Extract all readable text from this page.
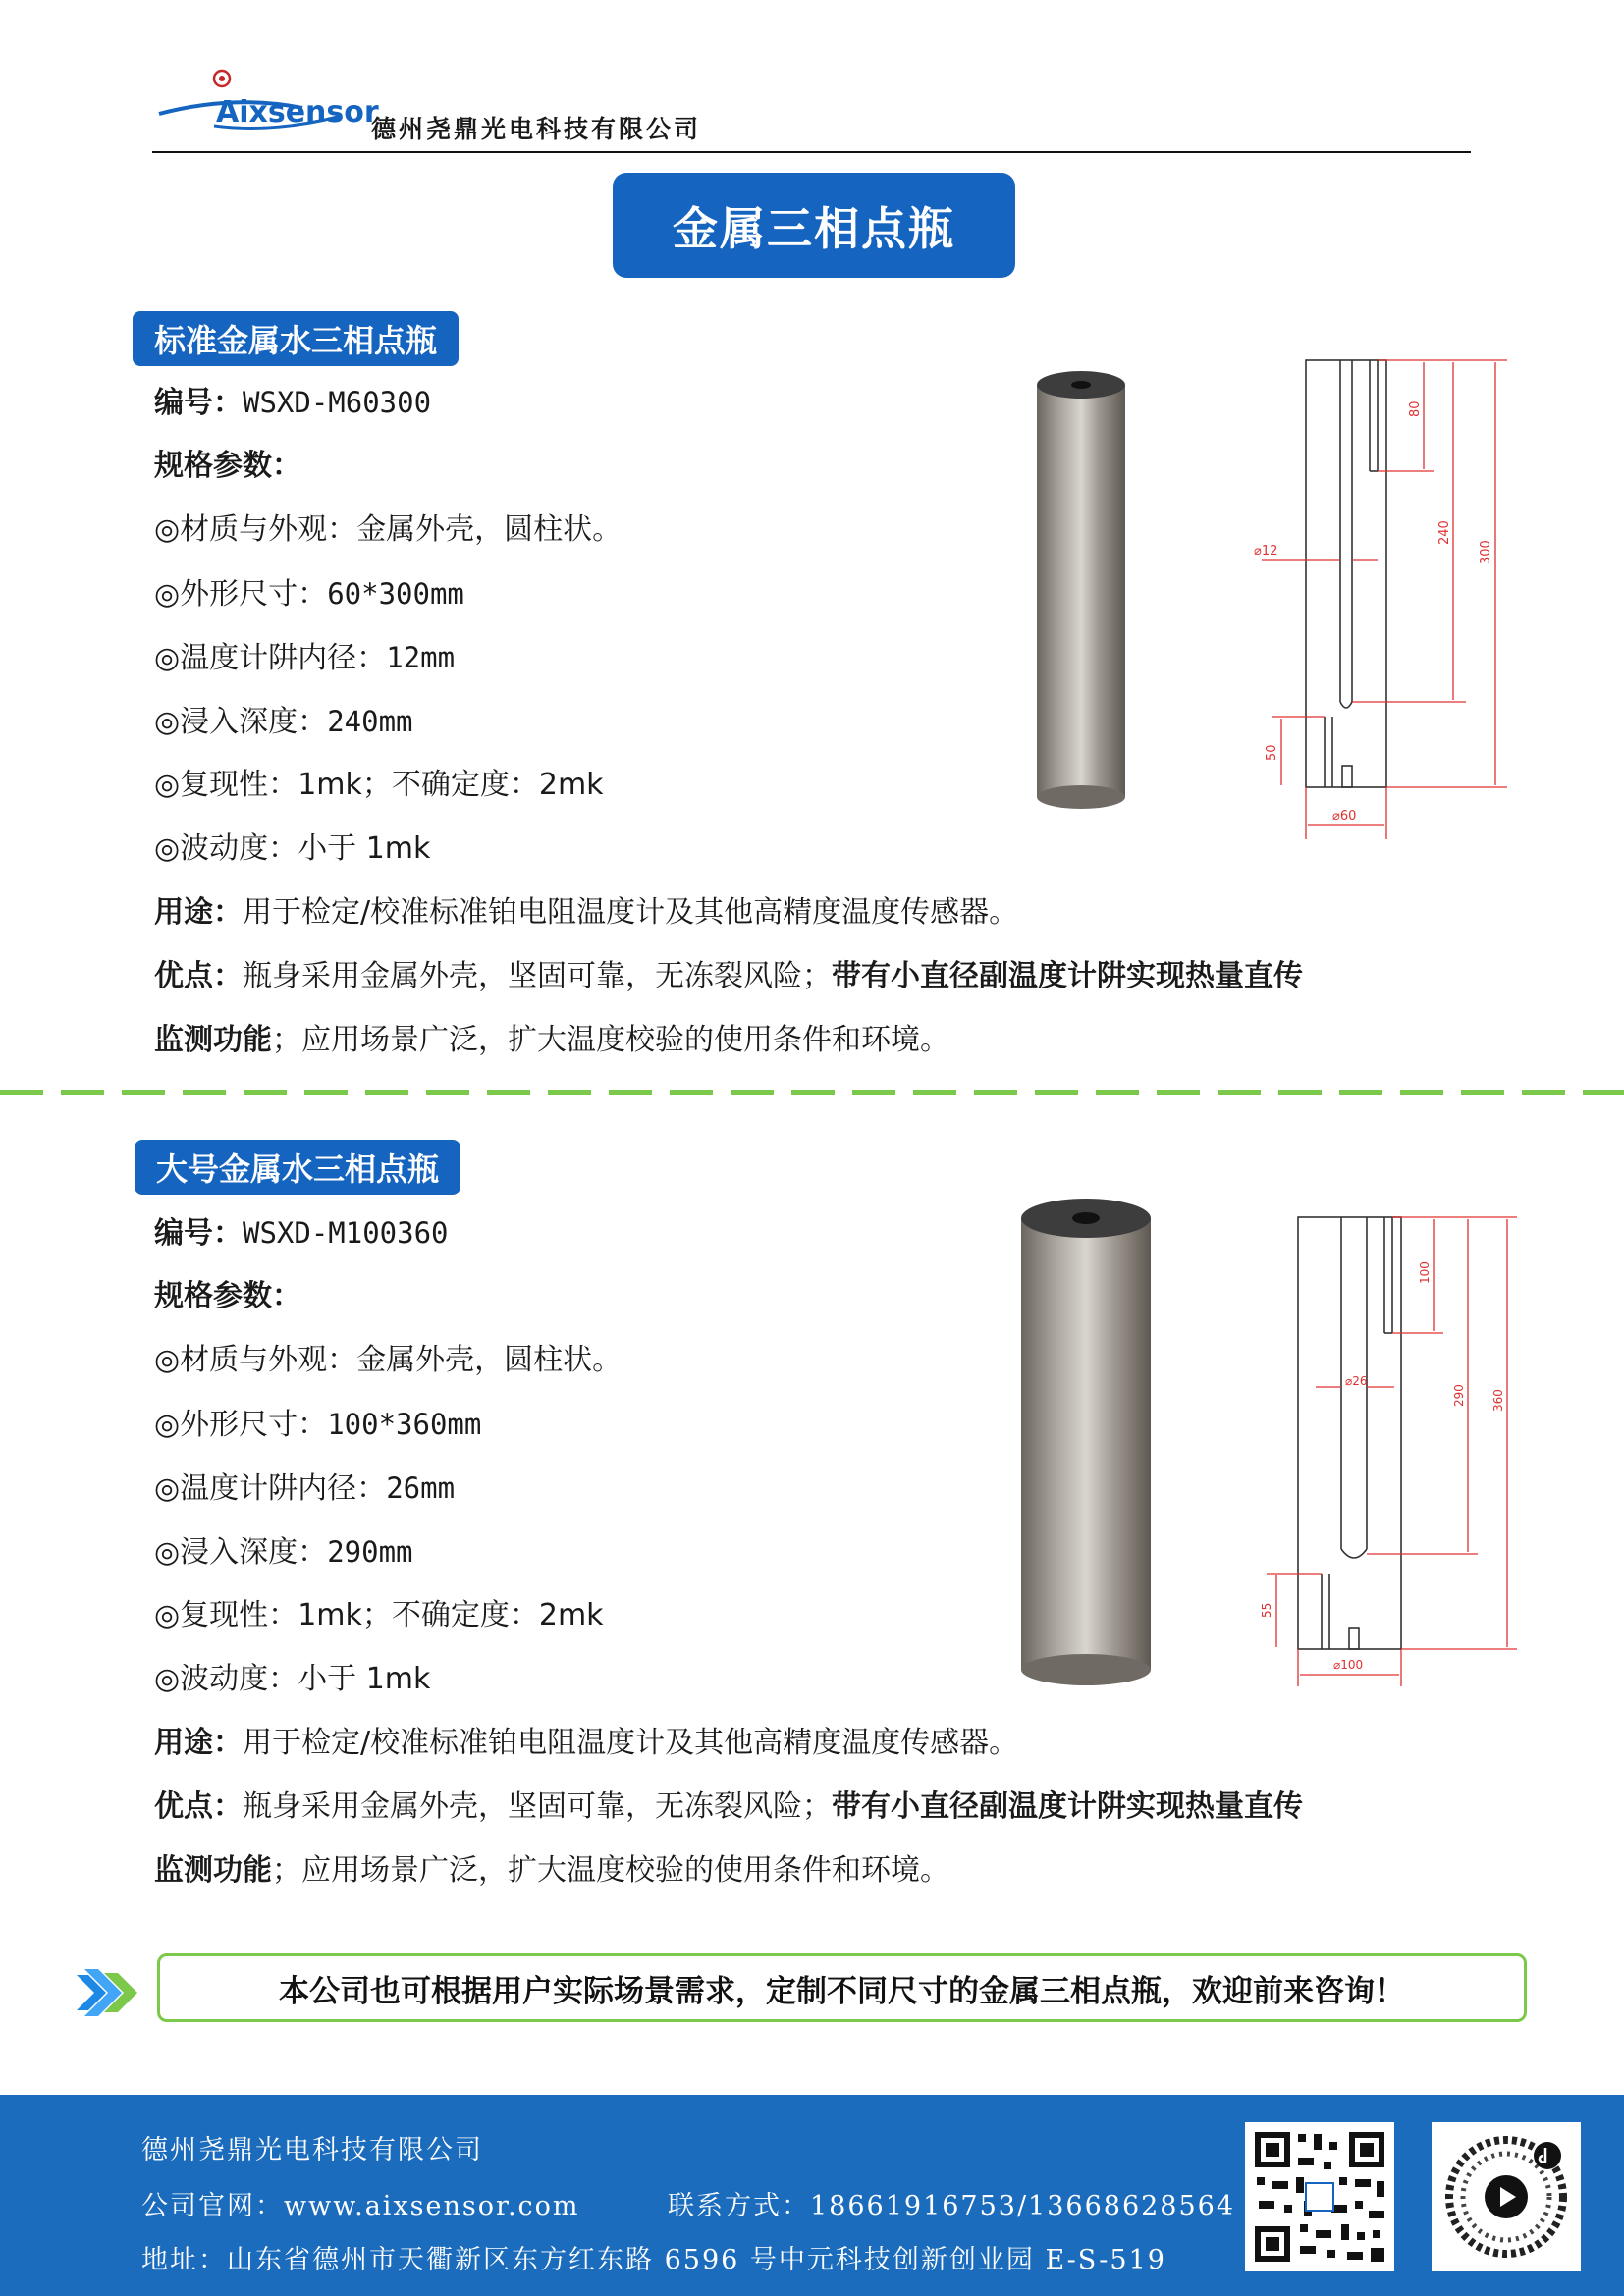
Aixsensor
德州尧鼎光电科技有限公司
金属三相点瓶
标准金属水三相点瓶
编号：WSXD-M60300
规格参数：
◎材质与外观：金属外壳，圆柱状。
◎外形尺寸：60*300mm
◎温度计阱内径：12mm
◎浸入深度：240mm
◎复现性：1mk；不确定度：2mk
◎波动度：小于 1mk
用途：用于检定/校准标准铂电阻温度计及其他高精度温度传感器。
优点：瓶身采用金属外壳，坚固可靠，无冻裂风险；带有小直径副温度计阱实现热量直传
监测功能；应用场景广泛，扩大温度校验的使用条件和环境。
80
240
300
⌀12
50
⌀60
大号金属水三相点瓶
编号：WSXD-M100360
规格参数：
◎材质与外观：金属外壳，圆柱状。
◎外形尺寸：100*360mm
◎温度计阱内径：26mm
◎浸入深度：290mm
◎复现性：1mk；不确定度：2mk
◎波动度：小于 1mk
用途：用于检定/校准标准铂电阻温度计及其他高精度温度传感器。
优点：瓶身采用金属外壳，坚固可靠，无冻裂风险；带有小直径副温度计阱实现热量直传
监测功能；应用场景广泛，扩大温度校验的使用条件和环境。
100
290 360
⌀26
55
⌀100
本公司也可根据用户实际场景需求，定制不同尺寸的金属三相点瓶，欢迎前来咨询！
德州尧鼎光电科技有限公司
公司官网：www.aixsensor.com	联系方式：18661916753/13668628564
地址：山东省德州市天衢新区东方红东路 6596 号中元科技创新创业园 E-S-519
